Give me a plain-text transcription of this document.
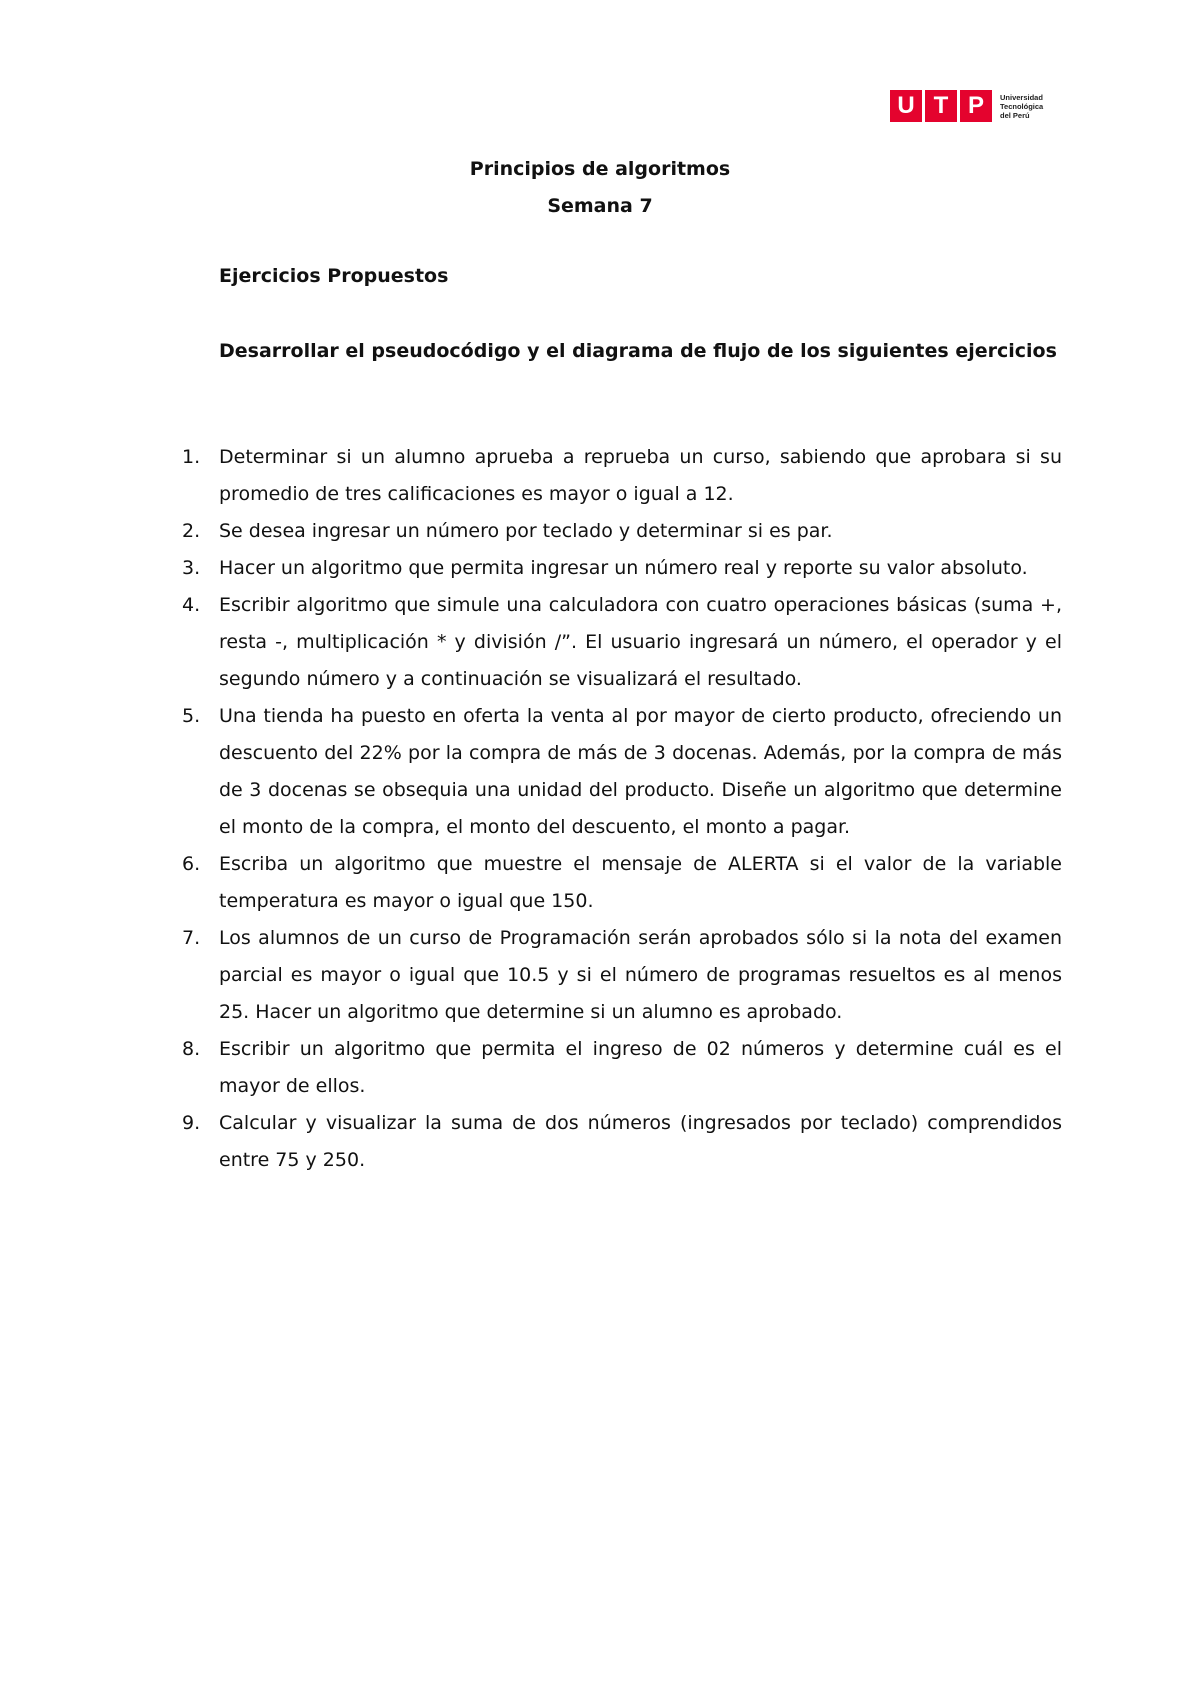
U T P	Universidad
Tecnológica
del Perú
Principios de algoritmos
Semana 7
Ejercicios Propuestos
Desarrollar el pseudocódigo y el diagrama de flujo de los siguientes ejercicios
1. Determinar si un alumno aprueba a reprueba un curso, sabiendo que aprobara si su promedio de tres calificaciones es mayor o igual a 12.
2. Se desea ingresar un número por teclado y determinar si es par.
3. Hacer un algoritmo que permita ingresar un número real y reporte su valor absoluto.
4. Escribir algoritmo que simule una calculadora con cuatro operaciones básicas (suma +, resta -, multiplicación * y división /”. El usuario ingresará un número, el operador y el segundo número y a continuación se visualizará el resultado.
5. Una tienda ha puesto en oferta la venta al por mayor de cierto producto, ofreciendo un descuento del 22% por la compra de más de 3 docenas. Además, por la compra de más de 3 docenas se obsequia una unidad del producto. Diseñe un algoritmo que determine el monto de la compra, el monto del descuento, el monto a pagar.
6. Escriba un algoritmo que muestre el mensaje de ALERTA si el valor de la variable temperatura es mayor o igual que 150.
7. Los alumnos de un curso de Programación serán aprobados sólo si la nota del examen parcial es mayor o igual que 10.5 y si el número de programas resueltos es al menos 25. Hacer un algoritmo que determine si un alumno es aprobado.
8. Escribir un algoritmo que permita el ingreso de 02 números y determine cuál es el mayor de ellos.
9. Calcular y visualizar la suma de dos números (ingresados por teclado) comprendidos entre 75 y 250.
